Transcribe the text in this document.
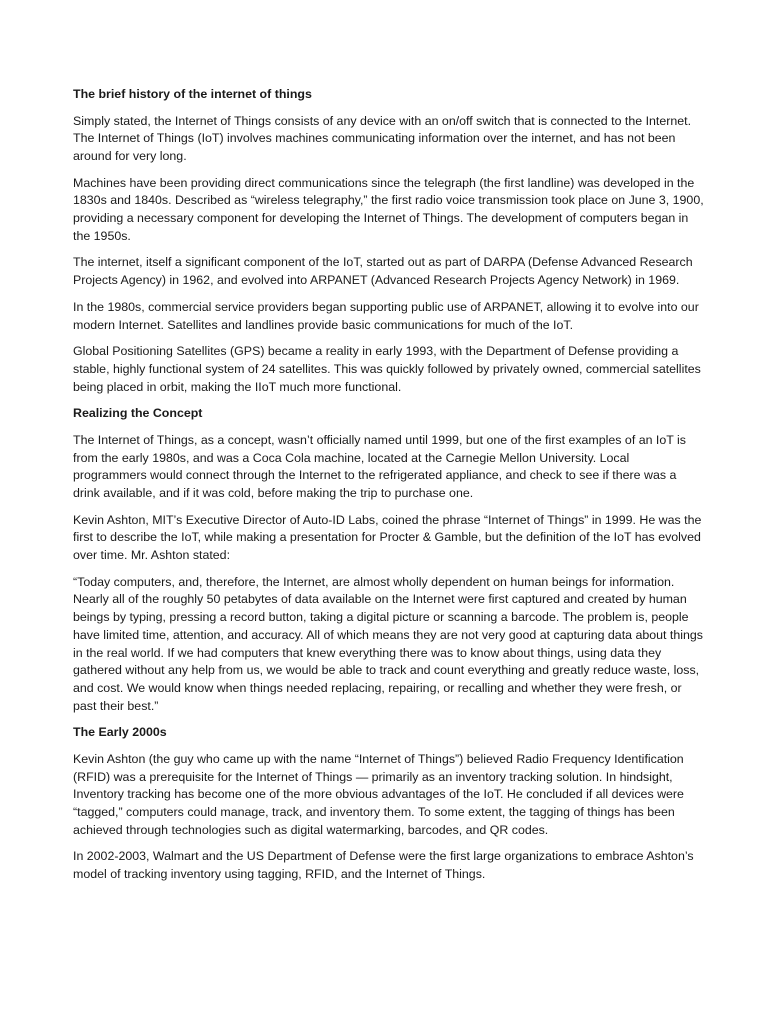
The brief history of the internet of things

Simply stated, the Internet of Things consists of any device with an on/off switch that is connected to the Internet. The Internet of Things (IoT) involves machines communicating information over the internet, and has not been around for very long.

Machines have been providing direct communications since the telegraph (the first landline) was developed in the 1830s and 1840s. Described as “wireless telegraphy,” the first radio voice transmission took place on June 3, 1900, providing a necessary component for developing the Internet of Things. The development of computers began in the 1950s.

The internet, itself a significant component of the IoT, started out as part of DARPA (Defense Advanced Research Projects Agency) in 1962, and evolved into ARPANET (Advanced Research Projects Agency Network) in 1969.

In the 1980s, commercial service providers began supporting public use of ARPANET, allowing it to evolve into our modern Internet. Satellites and landlines provide basic communications for much of the IoT.

Global Positioning Satellites (GPS) became a reality in early 1993, with the Department of Defense providing a stable, highly functional system of 24 satellites. This was quickly followed by privately owned, commercial satellites being placed in orbit, making the IIoT much more functional.

Realizing the Concept

The Internet of Things, as a concept, wasn’t officially named until 1999, but one of the first examples of an IoT is from the early 1980s, and was a Coca Cola machine, located at the Carnegie Mellon University. Local programmers would connect through the Internet to the refrigerated appliance, and check to see if there was a drink available, and if it was cold, before making the trip to purchase one.

Kevin Ashton, MIT’s Executive Director of Auto-ID Labs, coined the phrase “Internet of Things” in 1999. He was the first to describe the IoT, while making a presentation for Procter & Gamble, but the definition of the IoT has evolved over time. Mr. Ashton stated:

“Today computers, and, therefore, the Internet, are almost wholly dependent on human beings for information. Nearly all of the roughly 50 petabytes of data available on the Internet were first captured and created by human beings by typing, pressing a record button, taking a digital picture or scanning a barcode. The problem is, people have limited time, attention, and accuracy. All of which means they are not very good at capturing data about things in the real world. If we had computers that knew everything there was to know about things, using data they gathered without any help from us, we would be able to track and count everything and greatly reduce waste, loss, and cost. We would know when things needed replacing, repairing, or recalling and whether they were fresh, or past their best.”

The Early 2000s

Kevin Ashton (the guy who came up with the name “Internet of Things”) believed Radio Frequency Identification (RFID) was a prerequisite for the Internet of Things — primarily as an inventory tracking solution. In hindsight, Inventory tracking has become one of the more obvious advantages of the IoT. He concluded if all devices were “tagged,” computers could manage, track, and inventory them. To some extent, the tagging of things has been achieved through technologies such as digital watermarking, barcodes, and QR codes.

In 2002-2003, Walmart and the US Department of Defense were the first large organizations to embrace Ashton’s model of tracking inventory using tagging, RFID, and the Internet of Things.
